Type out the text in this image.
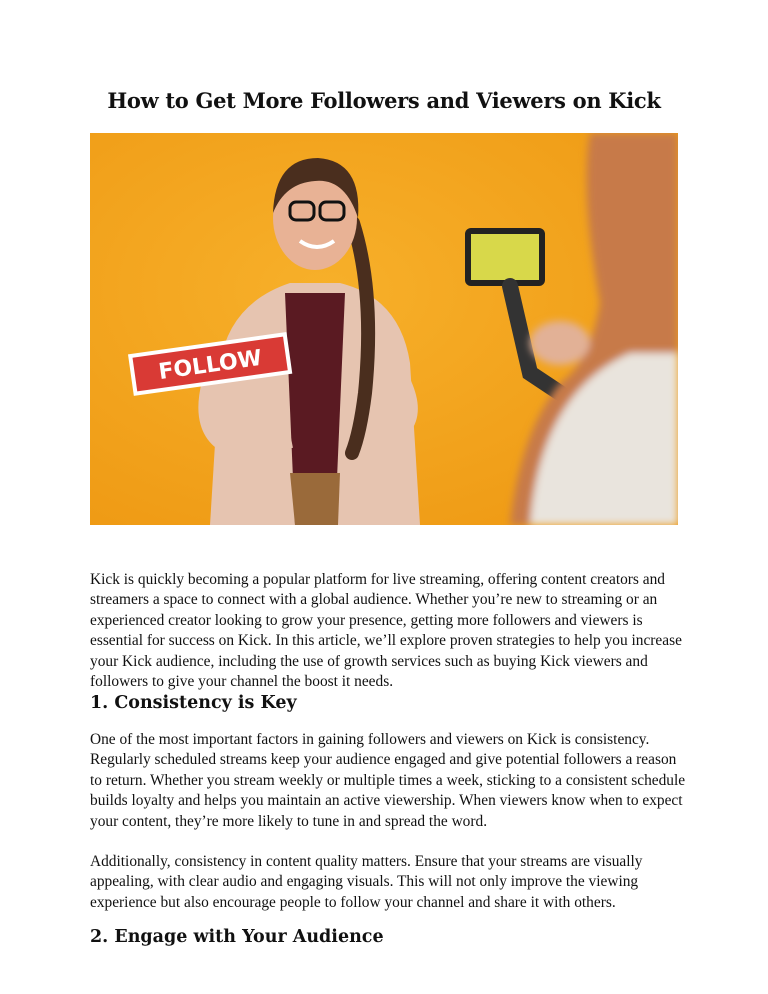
How to Get More Followers and Viewers on Kick
FOLLOW
Kick is quickly becoming a popular platform for live streaming, offering content creators and
streamers a space to connect with a global audience. Whether you’re new to streaming or an
experienced creator looking to grow your presence, getting more followers and viewers is
essential for success on Kick. In this article, we’ll explore proven strategies to help you increase
your Kick audience, including the use of growth services such as buying Kick viewers and
followers to give your channel the boost it needs.
1. Consistency is Key
One of the most important factors in gaining followers and viewers on Kick is consistency.
Regularly scheduled streams keep your audience engaged and give potential followers a reason
to return. Whether you stream weekly or multiple times a week, sticking to a consistent schedule
builds loyalty and helps you maintain an active viewership. When viewers know when to expect
your content, they’re more likely to tune in and spread the word.
Additionally, consistency in content quality matters. Ensure that your streams are visually
appealing, with clear audio and engaging visuals. This will not only improve the viewing
experience but also encourage people to follow your channel and share it with others.
2. Engage with Your Audience
